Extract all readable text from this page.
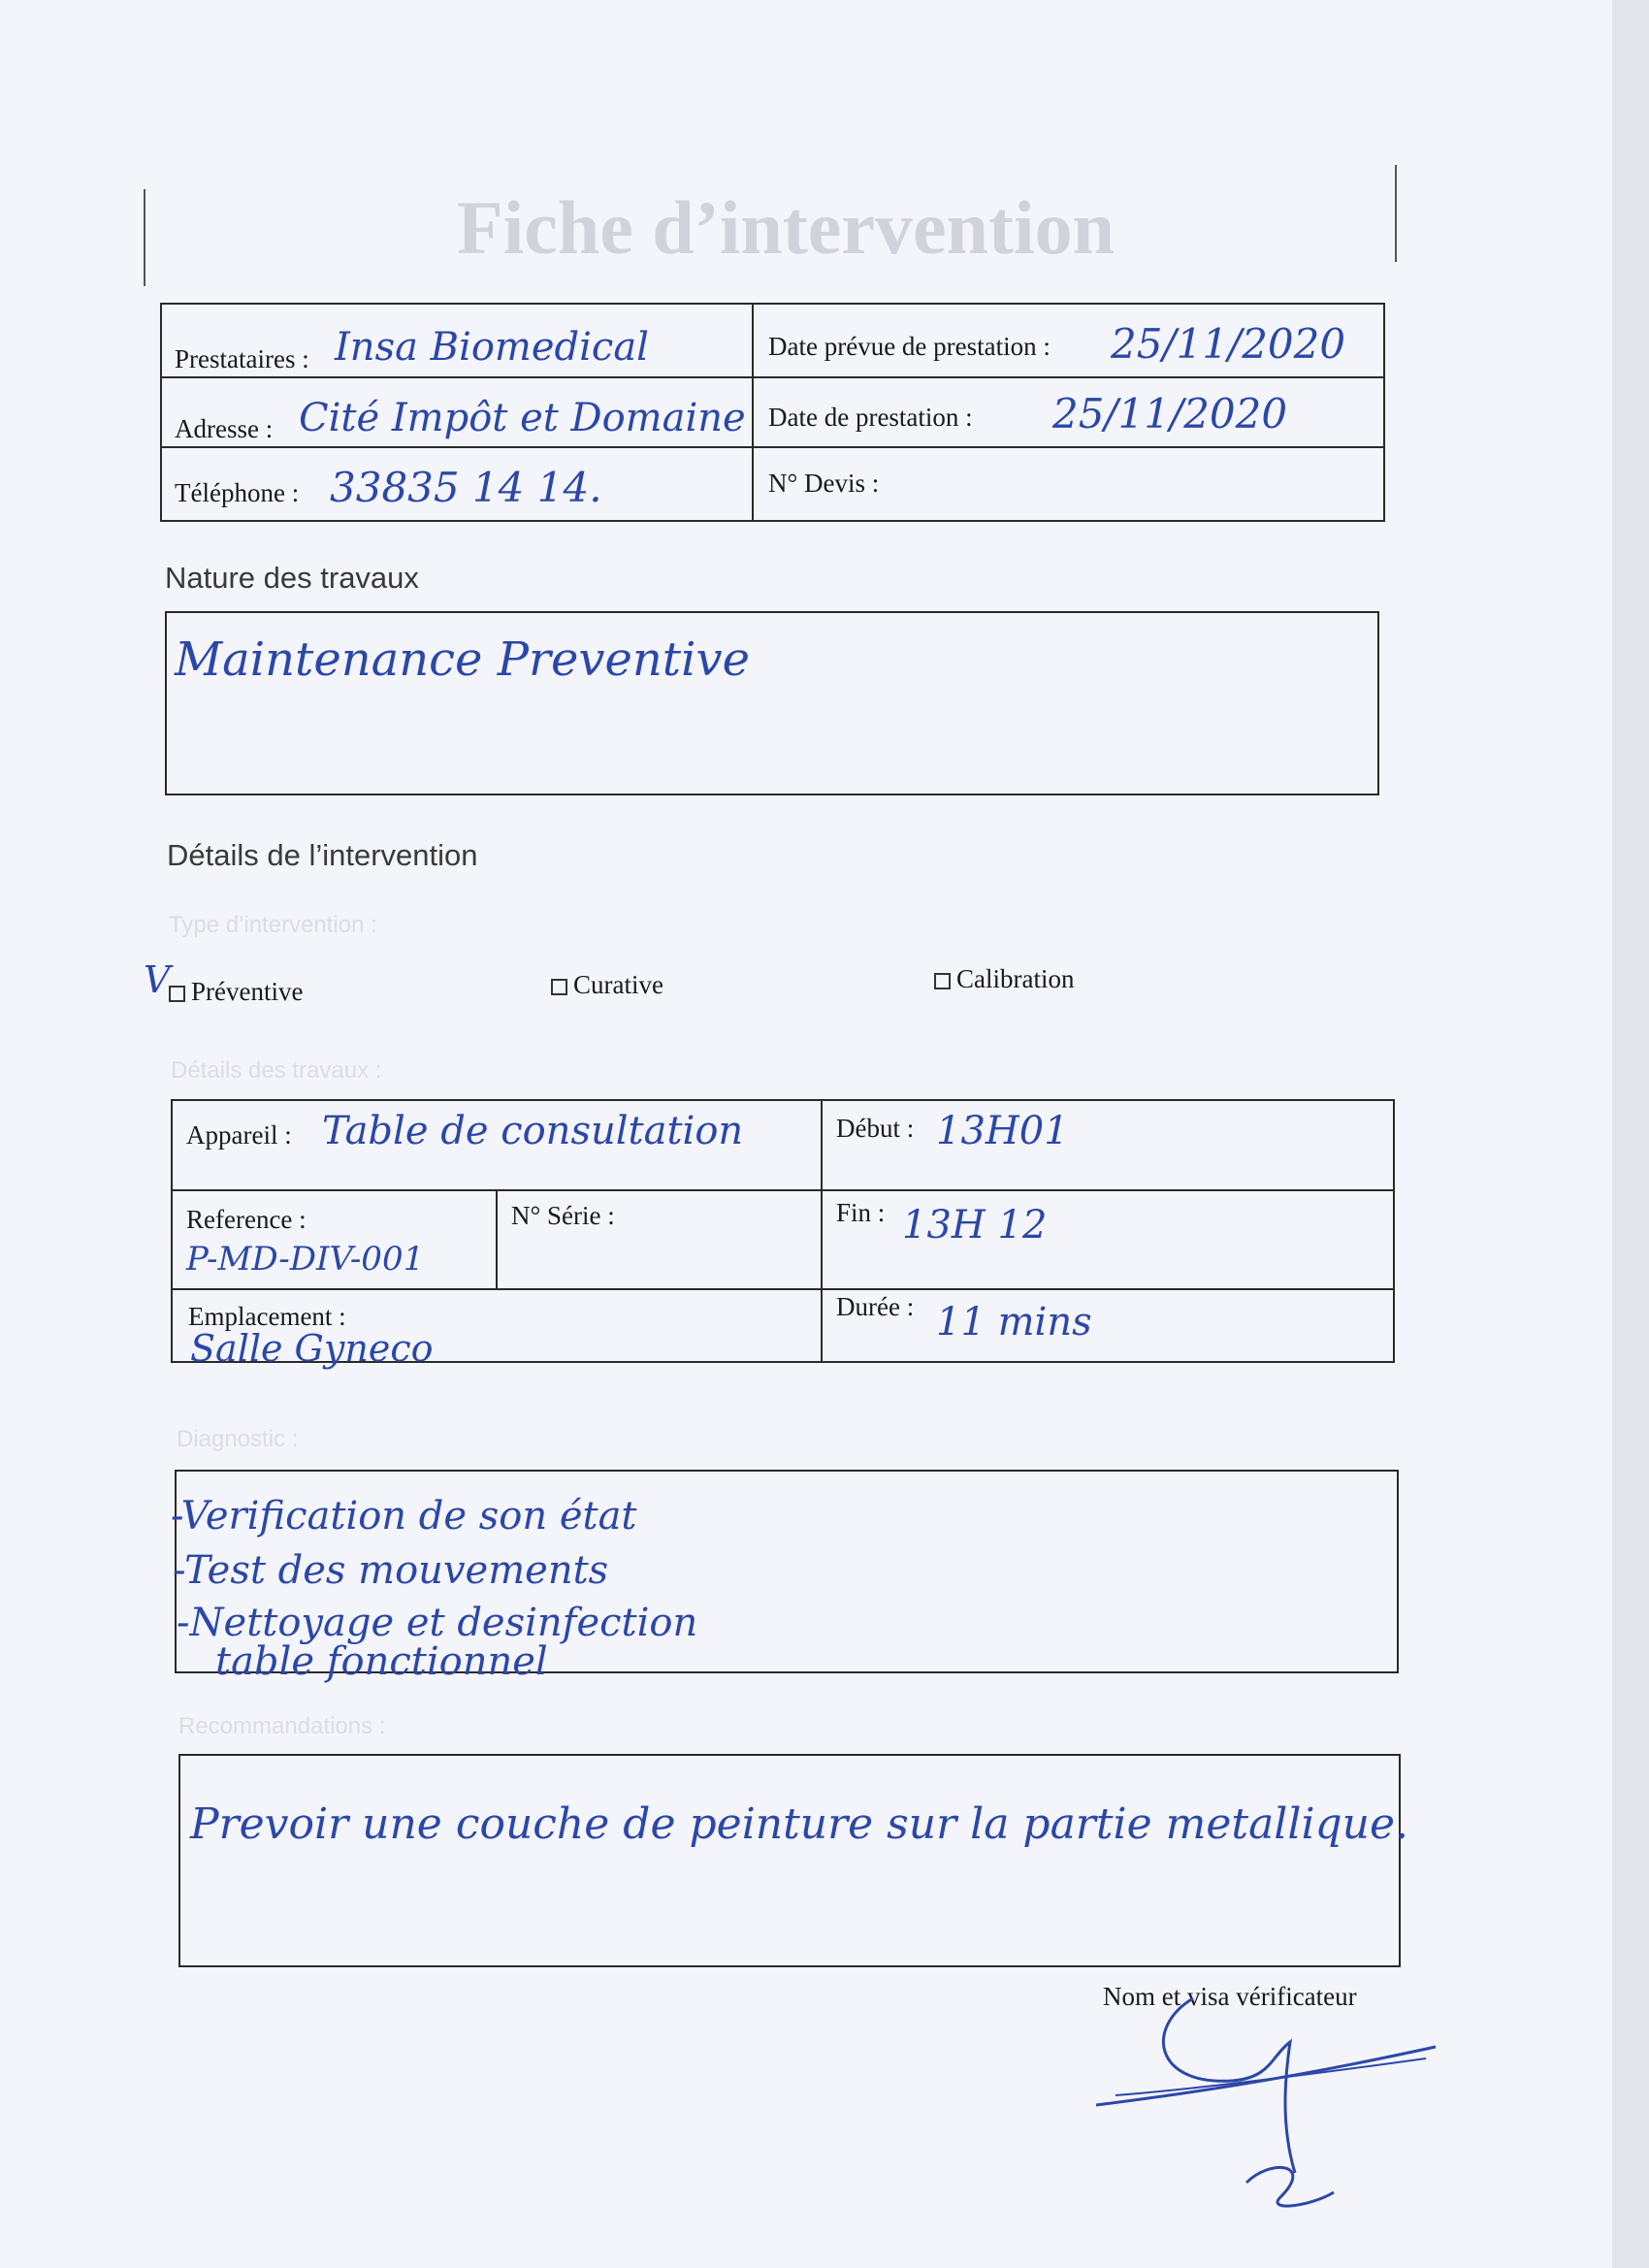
Fiche d’intervention
Prestataires : Insa Biomedical	Date prévue de prestation : 25/11/2020
Adresse : Cité Impôt et Domaine Date de prestation : 25/11/2020
Téléphone : 33835 14 14.	N° Devis :
Nature des travaux
Maintenance Preventive
Détails de l’intervention
Type d’intervention :
V Préventive	Curative	Calibration
Détails des travaux :
Appareil : Table de consultation	Début : 13H01
Reference :
P-MD-DIV-001
N° Série :	Fin : 13H 12
Emplacement :
Salle Gyneco
Durée : 11 mins
Diagnostic :
-Verification de son état
-Test des mouvements
-Nettoyage et desinfection
table fonctionnel
Recommandations :
Prevoir une couche de peinture sur la partie metallique.
Nom et visa vérificateur
